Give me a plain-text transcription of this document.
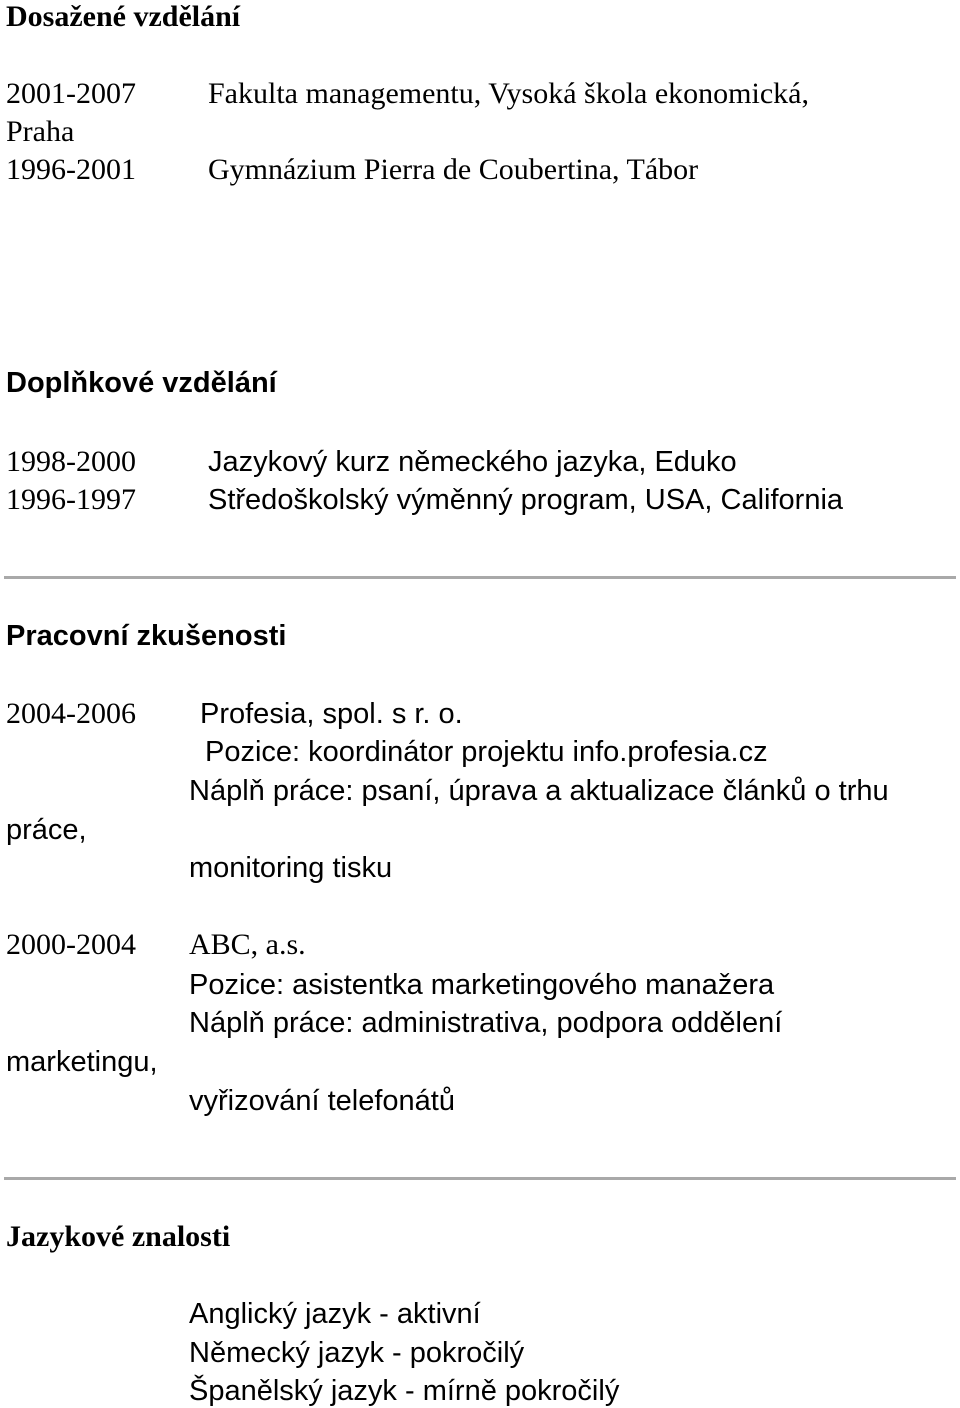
Dosažené vzdělání
2001-2007 Fakulta managementu, Vysoká škola ekonomická,
Praha
1996-2001 Gymnázium Pierra de Coubertina, Tábor
Doplňkové vzdělání
1998-2000 Jazykový kurz německého jazyka, Eduko
1996-1997 Středoškolský výměnný program, USA, California
Pracovní zkušenosti
2004-2006 Profesia, spol. s r. o.
Pozice: koordinátor projektu info.profesia.cz
Náplň práce: psaní, úprava a aktualizace článků o trhu
práce,
monitoring tisku
2000-2004 ABC, a.s.
Pozice: asistentka marketingového manažera
Náplň práce: administrativa, podpora oddělení
marketingu,
vyřizování telefonátů
Jazykové znalosti
Anglický jazyk - aktivní
Německý jazyk - pokročilý
Španělský jazyk - mírně pokročilý
